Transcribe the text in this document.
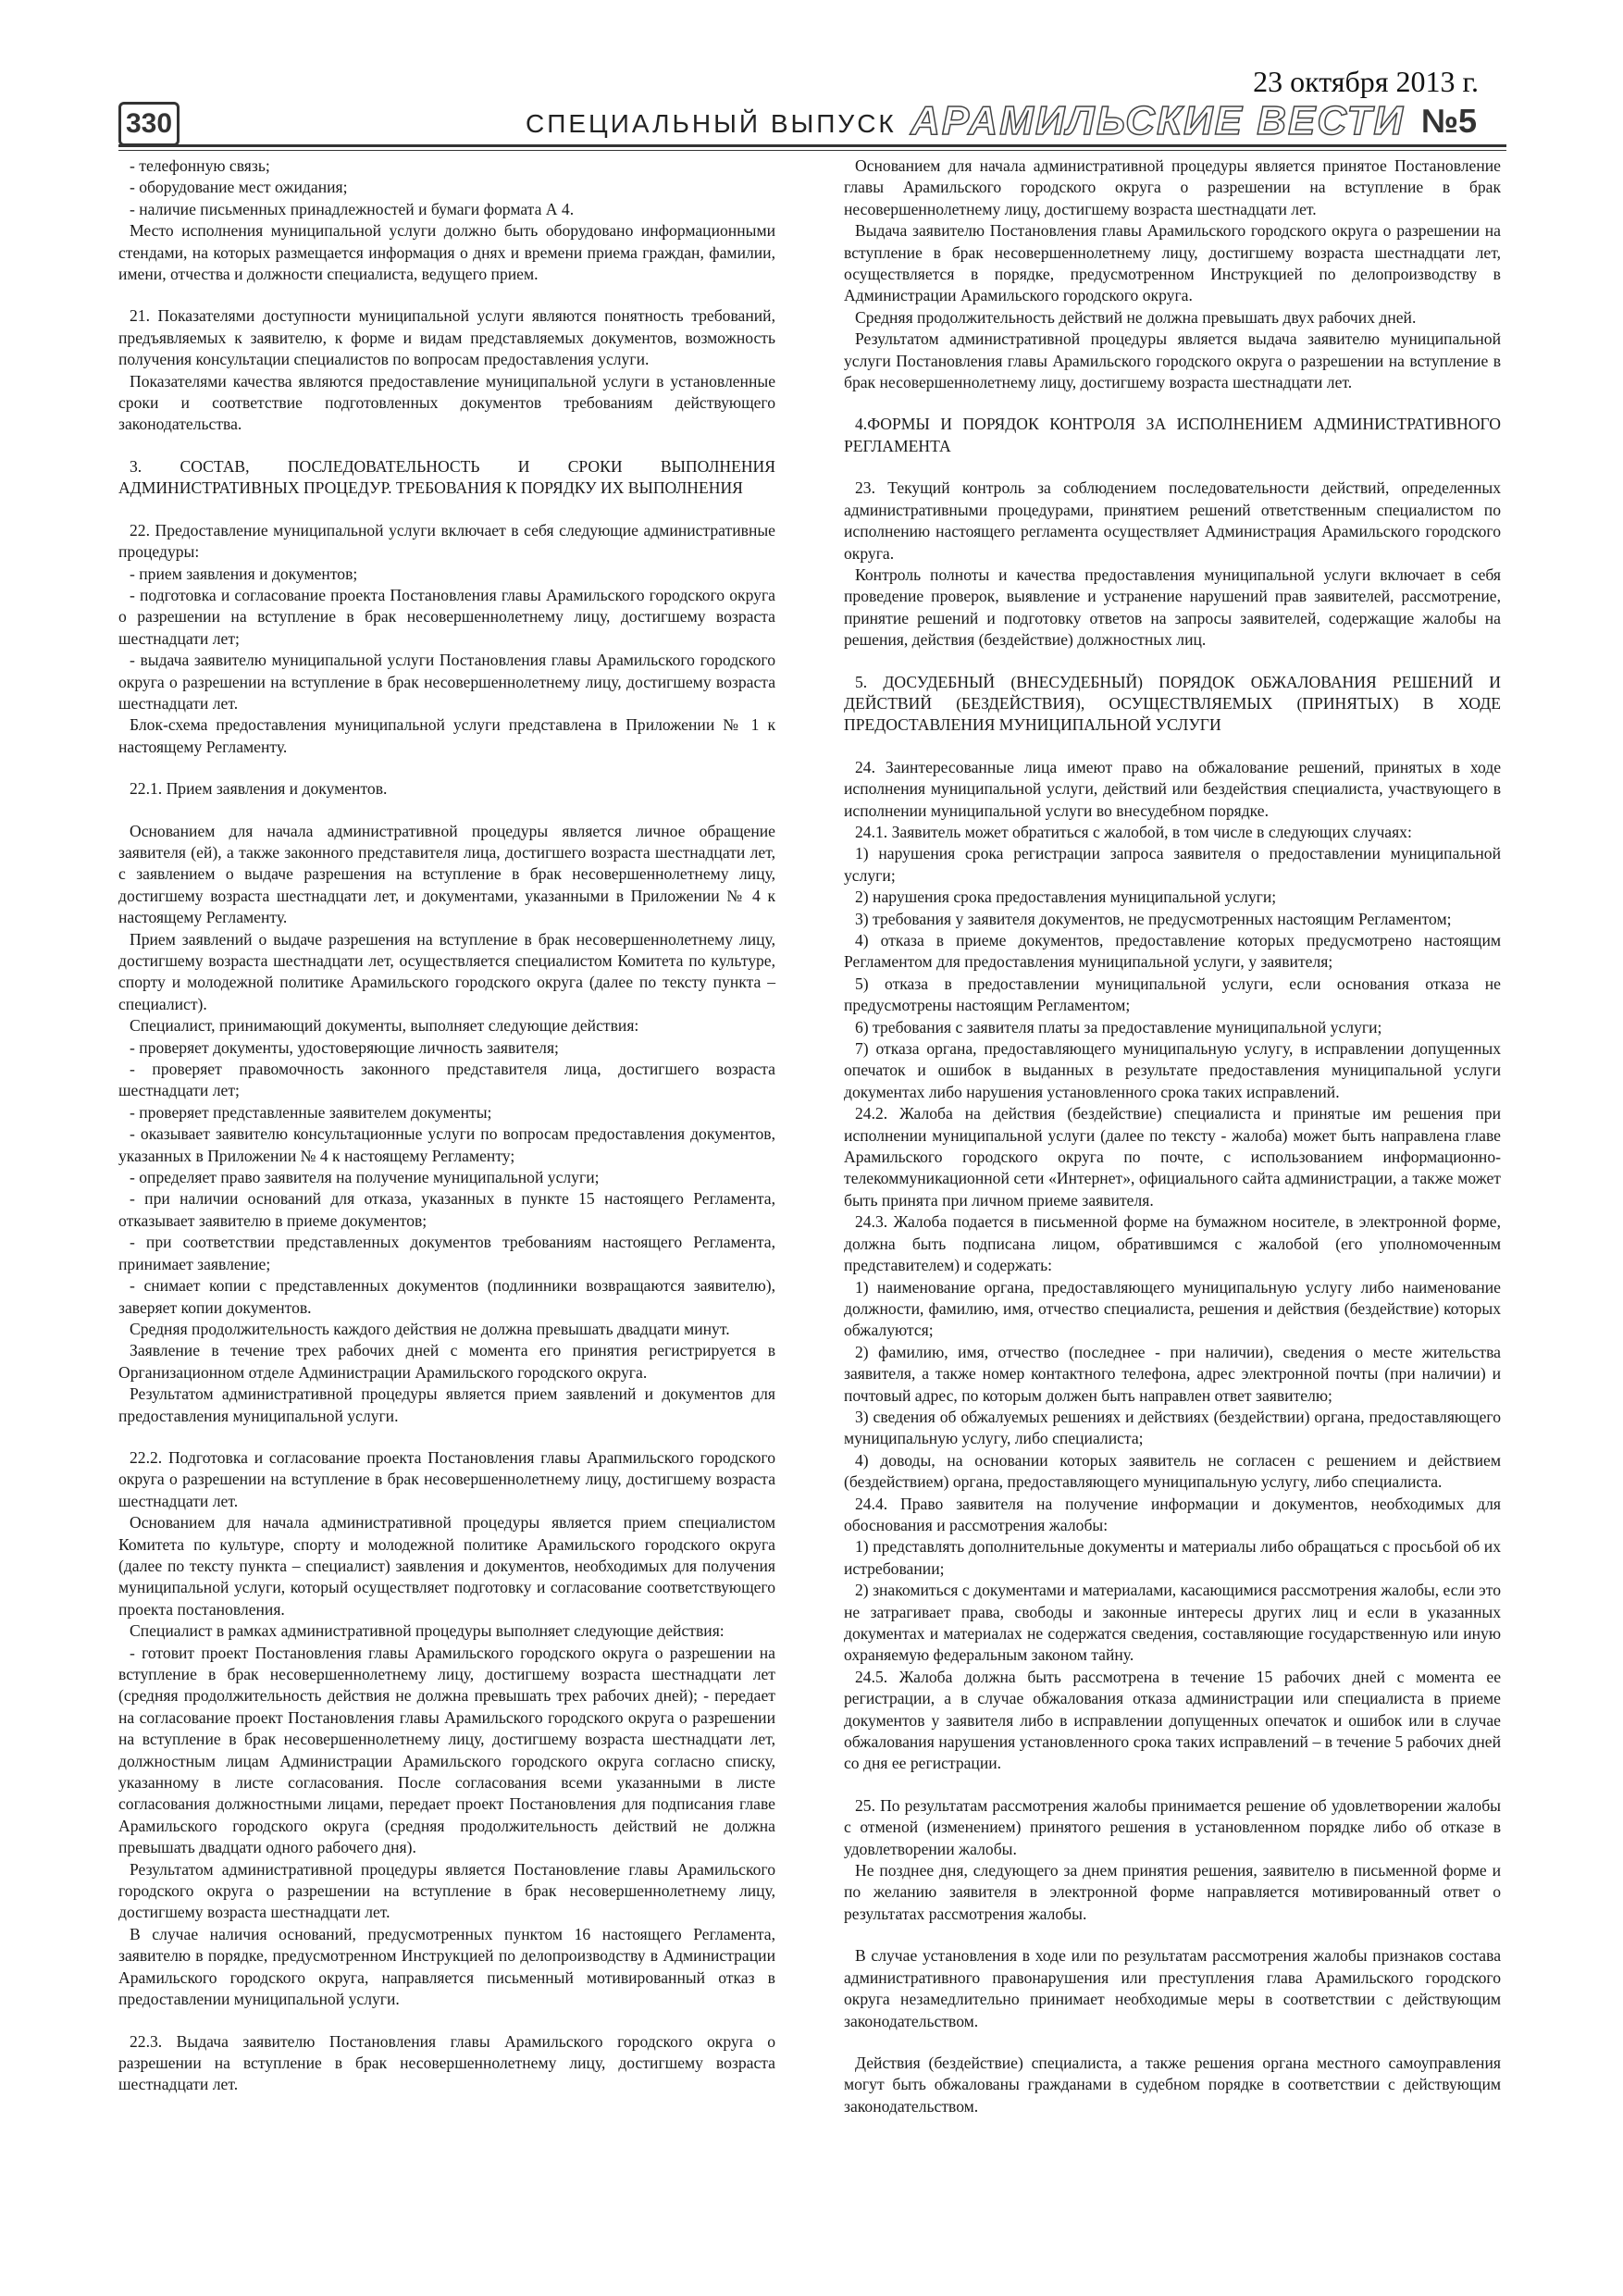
330	СПЕЦИАЛЬНЫЙ ВЫПУСК
23 октября 2013 г.
АРАМИЛЬСКИЕ ВЕСТИ №5

- телефонную связь;

- оборудование мест ожидания;

- наличие письменных принадлежностей и бумаги формата А 4.

Место исполнения муниципальной услуги должно быть оборудовано информационными стендами, на которых размещается информация о днях и времени приема граждан, фамилии, имени, отчества и должности специалиста, ведущего прием.

21. Показателями доступности муниципальной услуги являются понятность требований, предъявляемых к заявителю, к форме и видам представляемых документов, возможность получения консультации специалистов по вопросам предоставления услуги.

Показателями качества являются предоставление муниципальной услуги в установленные сроки и соответствие подготовленных документов требованиям действующего законодательства.

3. СОСТАВ, ПОСЛЕДОВАТЕЛЬНОСТЬ И СРОКИ ВЫПОЛНЕНИЯ АДМИНИСТРАТИВНЫХ ПРОЦЕДУР. ТРЕБОВАНИЯ К ПОРЯДКУ ИХ ВЫПОЛНЕНИЯ

22. Предоставление муниципальной услуги включает в себя следующие административные процедуры:

- прием заявления и документов;

- подготовка и согласование проекта Постановления главы Арамильского городского округа о разрешении на вступление в брак несовершеннолетнему лицу, достигшему возраста шестнадцати лет;

- выдача заявителю муниципальной услуги Постановления главы Арамильского городского округа о разрешении на вступление в брак несовершеннолетнему лицу, достигшему возраста шестнадцати лет.

Блок-схема предоставления муниципальной услуги представлена в Приложении № 1 к настоящему Регламенту.

22.1. Прием заявления и документов.

Основанием для начала административной процедуры является личное обращение заявителя (ей), а также законного представителя лица, достигшего возраста шестнадцати лет, с заявлением о выдаче разрешения на вступление в брак несовершеннолетнему лицу, достигшему возраста шестнадцати лет, и документами, указанными в Приложении № 4 к настоящему Регламенту.

Прием заявлений о выдаче разрешения на вступление в брак несовершеннолетнему лицу, достигшему возраста шестнадцати лет, осуществляется специалистом Комитета по культуре, спорту и молодежной политике Арамильского городского округа (далее по тексту пункта – специалист).

Специалист, принимающий документы, выполняет следующие действия:

- проверяет документы, удостоверяющие личность заявителя;

- проверяет правомочность законного представителя лица, достигшего возраста шестнадцати лет;

- проверяет представленные заявителем документы;

- оказывает заявителю консультационные услуги по вопросам предоставления документов, указанных в Приложении № 4 к настоящему Регламенту;

- определяет право заявителя на получение муниципальной услуги;

- при наличии оснований для отказа, указанных в пункте 15 настоящего Регламента, отказывает заявителю в приеме документов;

- при соответствии представленных документов требованиям настоящего Регламента, принимает заявление;

- снимает копии с представленных документов (подлинники возвращаются заявителю), заверяет копии документов.

Средняя продолжительность каждого действия не должна превышать двадцати минут.

Заявление в течение трех рабочих дней с момента его принятия регистрируется в Организационном отделе Администрации Арамильского городского округа.

Результатом административной процедуры является прием заявлений и документов для предоставления муниципальной услуги.

22.2. Подготовка и согласование проекта Постановления главы Арапмильского городского округа о разрешении на вступление в брак несовершеннолетнему лицу, достигшему возраста шестнадцати лет.

Основанием для начала административной процедуры является прием специалистом Комитета по культуре, спорту и молодежной политике Арамильского городского округа (далее по тексту пункта – специалист) заявления и документов, необходимых для получения муниципальной услуги, который осуществляет подготовку и согласование соответствующего проекта постановления.

Специалист в рамках административной процедуры выполняет следующие действия:

- готовит проект Постановления главы Арамильского городского округа о разрешении на вступление в брак несовершеннолетнему лицу, достигшему возраста шестнадцати лет (средняя продолжительность действия не должна превышать трех рабочих дней); - передает на согласование проект Постановления главы Арамильского городского округа о разрешении на вступление в брак несовершеннолетнему лицу, достигшему возраста шестнадцати лет, должностным лицам Администрации Арамильского городского округа согласно списку, указанному в листе согласования. После согласования всеми указанными в листе согласования должностными лицами, передает проект Постановления для подписания главе Арамильского городского округа (средняя продолжительность действий не должна превышать двадцати одного рабочего дня).

Результатом административной процедуры является Постановление главы Арамильского городского округа о разрешении на вступление в брак несовершеннолетнему лицу, достигшему возраста шестнадцати лет.

В случае наличия оснований, предусмотренных пунктом 16 настоящего Регламента, заявителю в порядке, предусмотренном Инструкцией по делопроизводству в Администрации Арамильского городского округа, направляется письменный мотивированный отказ в предоставлении муниципальной услуги.

22.3. Выдача заявителю Постановления главы Арамильского городского округа о разрешении на вступление в брак несовершеннолетнему лицу, достигшему возраста шестнадцати лет.

Основанием для начала административной процедуры является принятое Постановление главы Арамильского городского округа о разрешении на вступление в брак несовершеннолетнему лицу, достигшему возраста шестнадцати лет.

Выдача заявителю Постановления главы Арамильского городского округа о разрешении на вступление в брак несовершеннолетнему лицу, достигшему возраста шестнадцати лет, осуществляется в порядке, предусмотренном Инструкцией по делопроизводству в Администрации Арамильского городского округа.

Средняя продолжительность действий не должна превышать двух рабочих дней.

Результатом административной процедуры является выдача заявителю муниципальной услуги Постановления главы Арамильского городского округа о разрешении на вступление в брак несовершеннолетнему лицу, достигшему возраста шестнадцати лет.

4.ФОРМЫ И ПОРЯДОК КОНТРОЛЯ ЗА ИСПОЛНЕНИЕМ АДМИНИСТРАТИВНОГО РЕГЛАМЕНТА

23. Текущий контроль за соблюдением последовательности действий, определенных административными процедурами, принятием решений ответственным специалистом по исполнению настоящего регламента осуществляет Администрация Арамильского городского округа.

Контроль полноты и качества предоставления муниципальной услуги включает в себя проведение проверок, выявление и устранение нарушений прав заявителей, рассмотрение, принятие решений и подготовку ответов на запросы заявителей, содержащие жалобы на решения, действия (бездействие) должностных лиц.

5. ДОСУДЕБНЫЙ (ВНЕСУДЕБНЫЙ) ПОРЯДОК ОБЖАЛОВАНИЯ РЕШЕНИЙ И ДЕЙСТВИЙ (БЕЗДЕЙСТВИЯ), ОСУЩЕСТВЛЯЕМЫХ (ПРИНЯТЫХ) В ХОДЕ ПРЕДОСТАВЛЕНИЯ МУНИЦИПАЛЬНОЙ УСЛУГИ

24. Заинтересованные лица имеют право на обжалование решений, принятых в ходе исполнения муниципальной услуги, действий или бездействия специалиста, участвующего в исполнении муниципальной услуги во внесудебном порядке.

24.1. Заявитель может обратиться с жалобой, в том числе в следующих случаях:

1) нарушения срока регистрации запроса заявителя о предоставлении муниципальной услуги;

2) нарушения срока предоставления муниципальной услуги;

3) требования у заявителя документов, не предусмотренных настоящим Регламентом;

4) отказа в приеме документов, предоставление которых предусмотрено настоящим Регламентом для предоставления муниципальной услуги, у заявителя;

5) отказа в предоставлении муниципальной услуги, если основания отказа не предусмотрены настоящим Регламентом;

6) требования с заявителя платы за предоставление муниципальной услуги;

7) отказа органа, предоставляющего муниципальную услугу, в исправлении допущенных опечаток и ошибок в выданных в результате предоставления муниципальной услуги документах либо нарушения установленного срока таких исправлений.

24.2. Жалоба на действия (бездействие) специалиста и принятые им решения при исполнении муниципальной услуги (далее по тексту - жалоба) может быть направлена главе Арамильского городского округа по почте, с использованием информационно-телекоммуникационной сети «Интернет», официального сайта администрации, а также может быть принята при личном приеме заявителя.

24.3. Жалоба подается в письменной форме на бумажном носителе, в электронной форме, должна быть подписана лицом, обратившимся с жалобой (его уполномоченным представителем) и содержать:

1) наименование органа, предоставляющего муниципальную услугу либо наименование должности, фамилию, имя, отчество специалиста, решения и действия (бездействие) которых обжалуются;

2) фамилию, имя, отчество (последнее - при наличии), сведения о месте жительства заявителя, а также номер контактного телефона, адрес электронной почты (при наличии) и почтовый адрес, по которым должен быть направлен ответ заявителю;

3) сведения об обжалуемых решениях и действиях (бездействии) органа, предоставляющего муниципальную услугу, либо специалиста;

4) доводы, на основании которых заявитель не согласен с решением и действием (бездействием) органа, предоставляющего муниципальную услугу, либо специалиста.

24.4. Право заявителя на получение информации и документов, необходимых для обоснования и рассмотрения жалобы:

1) представлять дополнительные документы и материалы либо обращаться с просьбой об их истребовании;

2) знакомиться с документами и материалами, касающимися рассмотрения жалобы, если это не затрагивает права, свободы и законные интересы других лиц и если в указанных документах и материалах не содержатся сведения, составляющие государственную или иную охраняемую федеральным законом тайну.

24.5. Жалоба должна быть рассмотрена в течение 15 рабочих дней с момента ее регистрации, а в случае обжалования отказа администрации или специалиста в приеме документов у заявителя либо в исправлении допущенных опечаток и ошибок или в случае обжалования нарушения установленного срока таких исправлений – в течение 5 рабочих дней со дня ее регистрации.

25. По результатам рассмотрения жалобы принимается решение об удовлетворении жалобы с отменой (изменением) принятого решения в установленном порядке либо об отказе в удовлетворении жалобы.

Не позднее дня, следующего за днем принятия решения, заявителю в письменной форме и по желанию заявителя в электронной форме направляется мотивированный ответ о результатах рассмотрения жалобы.

В случае установления в ходе или по результатам рассмотрения жалобы признаков состава административного правонарушения или преступления глава Арамильского городского округа незамедлительно принимает необходимые меры в соответствии с действующим законодательством.

Действия (бездействие) специалиста, а также решения органа местного самоуправления могут быть обжалованы гражданами в судебном порядке в соответствии с действующим законодательством.
